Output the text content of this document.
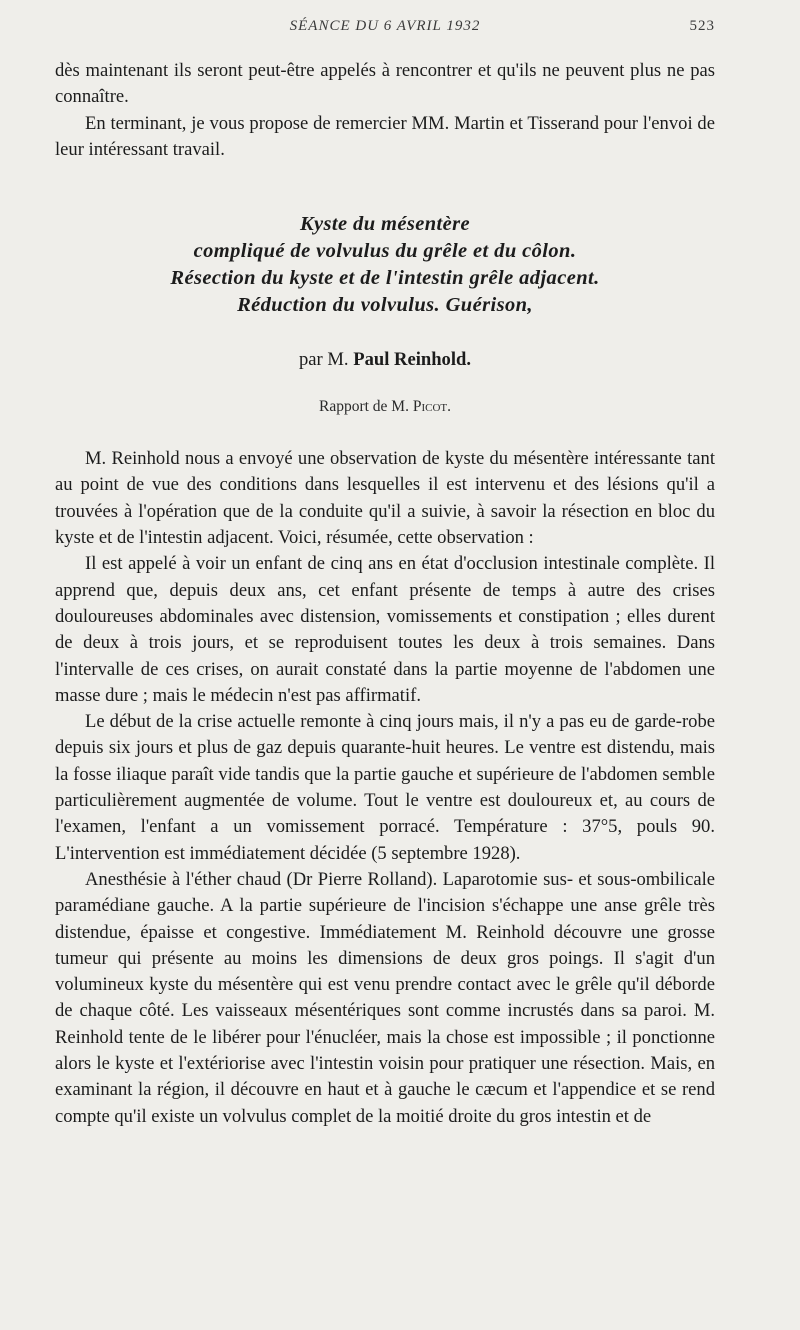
SÉANCE DU 6 AVRIL 1932	523

dès maintenant ils seront peut-être appelés à rencontrer et qu'ils ne peuvent plus ne pas connaître.

En terminant, je vous propose de remercier MM. Martin et Tisserand pour l'envoi de leur intéressant travail.

Kyste du mésentère
compliqué de volvulus du grêle et du côlon.
Résection du kyste et de l'intestin grêle adjacent.
Réduction du volvulus. Guérison,
par M. Paul Reinhold.
Rapport de M. Picot.

M. Reinhold nous a envoyé une observation de kyste du mésentère intéressante tant au point de vue des conditions dans lesquelles il est intervenu et des lésions qu'il a trouvées à l'opération que de la conduite qu'il a suivie, à savoir la résection en bloc du kyste et de l'intestin adjacent. Voici, résumée, cette observation :

Il est appelé à voir un enfant de cinq ans en état d'occlusion intestinale complète. Il apprend que, depuis deux ans, cet enfant présente de temps à autre des crises douloureuses abdominales avec distension, vomissements et constipation ; elles durent de deux à trois jours, et se reproduisent toutes les deux à trois semaines. Dans l'intervalle de ces crises, on aurait constaté dans la partie moyenne de l'abdomen une masse dure ; mais le médecin n'est pas affirmatif.

Le début de la crise actuelle remonte à cinq jours mais, il n'y a pas eu de garde-robe depuis six jours et plus de gaz depuis quarante-huit heures. Le ventre est distendu, mais la fosse iliaque paraît vide tandis que la partie gauche et supérieure de l'abdomen semble particulièrement augmentée de volume. Tout le ventre est douloureux et, au cours de l'examen, l'enfant a un vomissement porracé. Température : 37°5, pouls 90. L'intervention est immédiatement décidée (5 septembre 1928).

Anesthésie à l'éther chaud (Dr Pierre Rolland). Laparotomie sus- et sous-ombilicale paramédiane gauche. A la partie supérieure de l'incision s'échappe une anse grêle très distendue, épaisse et congestive. Immédiatement M. Reinhold découvre une grosse tumeur qui présente au moins les dimensions de deux gros poings. Il s'agit d'un volumineux kyste du mésentère qui est venu prendre contact avec le grêle qu'il déborde de chaque côté. Les vaisseaux mésentériques sont comme incrustés dans sa paroi. M. Reinhold tente de le libérer pour l'énucléer, mais la chose est impossible ; il ponctionne alors le kyste et l'extériorise avec l'intestin voisin pour pratiquer une résection. Mais, en examinant la région, il découvre en haut et à gauche le cæcum et l'appendice et se rend compte qu'il existe un volvulus complet de la moitié droite du gros intestin et de
